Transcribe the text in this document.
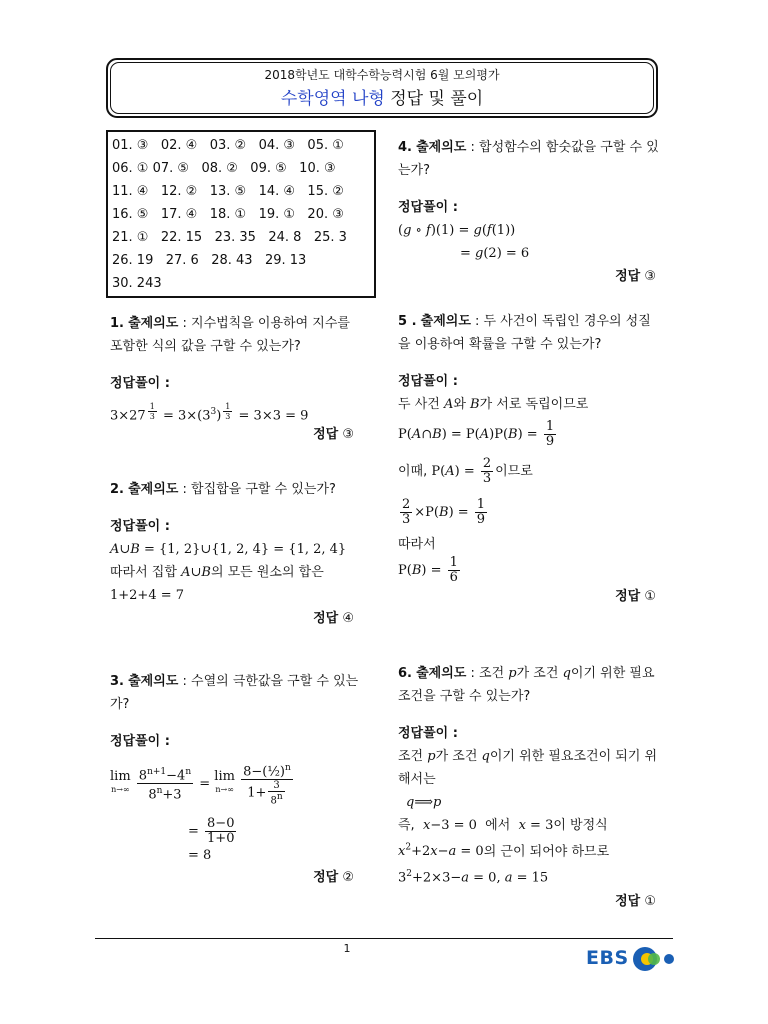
2018학년도 대학수학능력시험 6월 모의평가
수학영역 나형 정답 및 풀이
01. ③   02. ④   03. ②   04. ③   05. ①
06. ① 07. ⑤   08. ②   09. ⑤   10. ③
11. ④   12. ②   13. ⑤   14. ④   15. ②
16. ⑤   17. ④   18. ①   19. ①   20. ③
21. ①   22. 15   23. 35   24. 8   25. 3
26. 19   27. 6   28. 43   29. 13
30. 243
1. 출제의도 : 지수법칙을 이용하여 지수를 포함한 식의 값을 구할 수 있는가?
정답풀이 :
3×27 $^{\frac{1}{3}} = 3\times(3^3) ^{\frac{1}{3}} = 3\times 3 = 9$
정답 ③
2. 출제의도 : 합집합을 구할 수 있는가?
정답풀이 :
A∪B = {1, 2}∪{1, 2, 4} = {1, 2, 4}
따라서 집합 A∪B의 모든 원소의 합은
1+2+4 = 7
정답 ④
3. 출제의도 : 수열의 극한값을 구할 수 있는가?
정답풀이 :
lim
$n\to\infty \frac{8^{n+1}-4^n}{8^n+3} = \lim$
$n\to\infty \frac{8-(\frac{1}{2})^n}{1+ \frac{3}{8^n}}$
= $\frac{8-0}{1+0}$
= 8
정답 ②
4. 출제의도 : 합성함수의 함숫값을 구할 수 있는가?
정답풀이 :
(g ∘ f)(1) = g(f(1))
= g(2) = 6
정답 ③
5 . 출제의도 : 두 사건이 독립인 경우의 성질을 이용하여 확률을 구할 수 있는가?
정답풀이 :
두 사건 A와 B가 서로 독립이므로
P(A∩B) = $P(A)P(B) = \frac{1}{9}$
이때, $P(A) = \frac{2}{3}$ 이므로
$\frac{2}{3} \times P(B) = \frac{1}{9}$
따라서
$P(B) = \frac{1}{6}$
정답 ①
6. 출제의도 : 조건 p가 조건 q이기 위한 필요조건을 구할 수 있는가?
정답풀이 :
조건 p가 조건 q이기 위한 필요조건이 되기 위해서는
q⟹p
즉, x−3 = 0 에서 x = 3이 방정식
$x^2+2x-a = 0$의 근이 되어야 하므로
$3^2+2\times 3-a = 0$, a = 15
정답 ①
1	EBS
